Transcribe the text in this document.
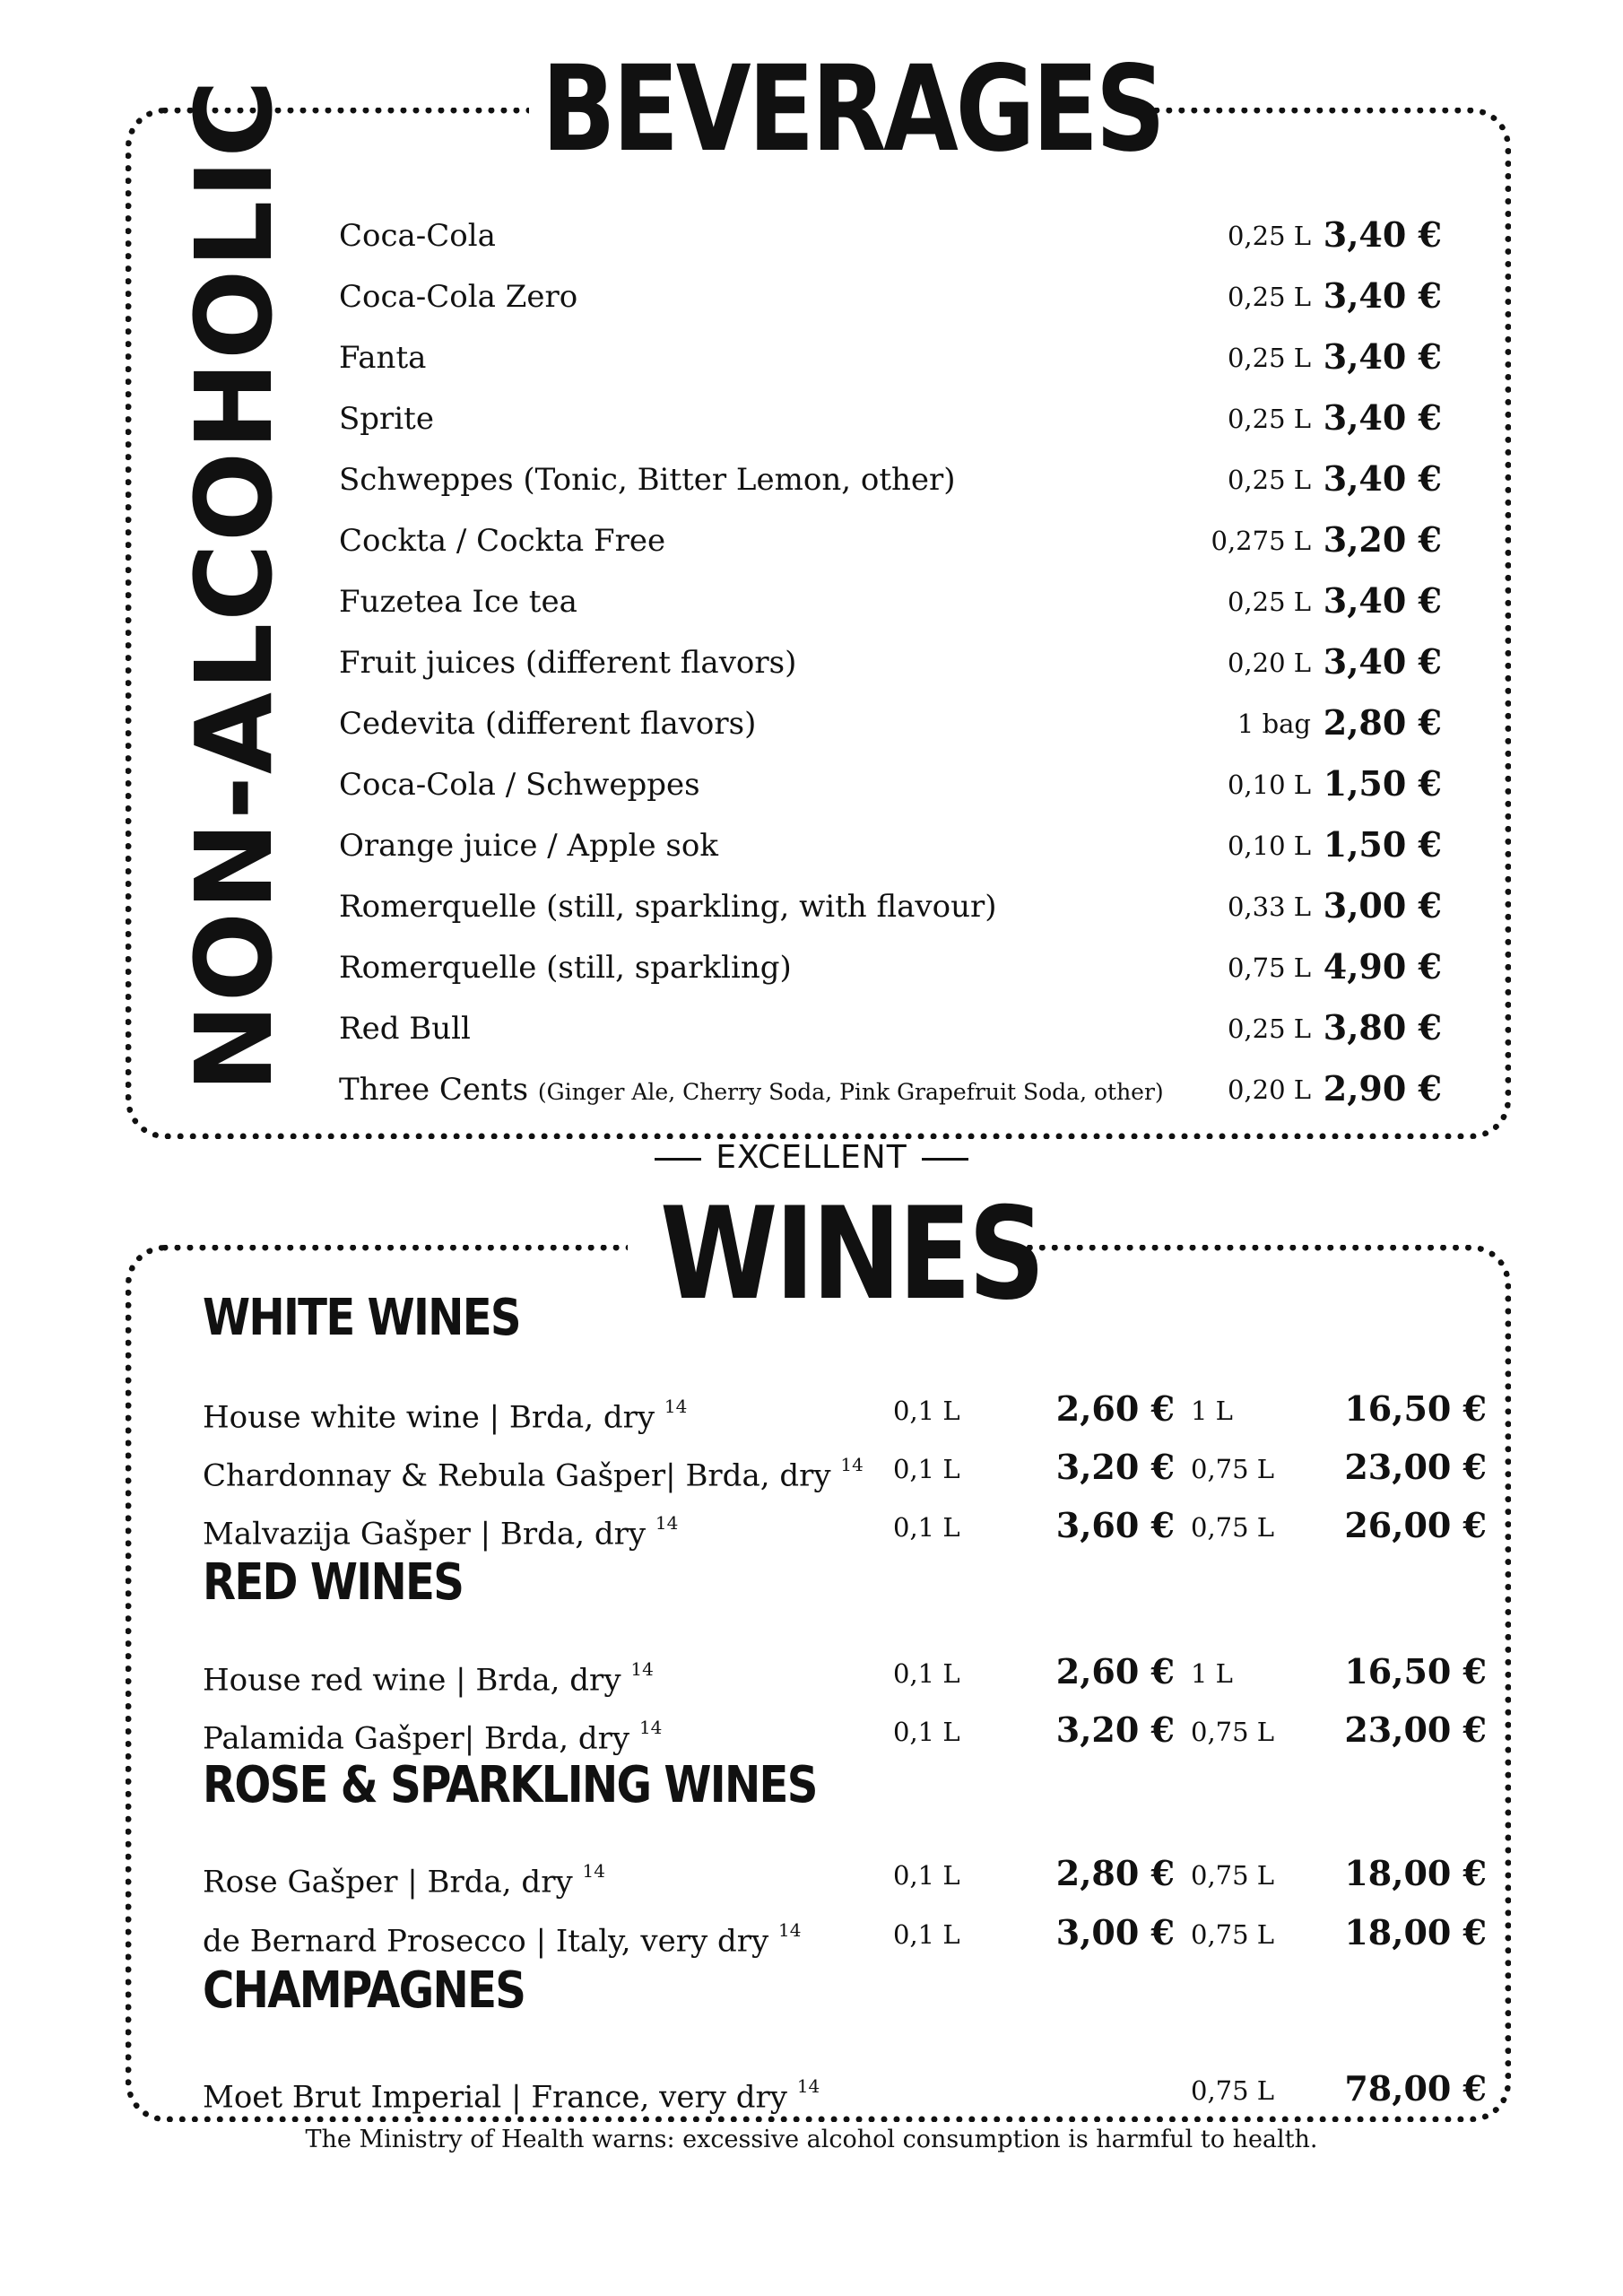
BEVERAGES
NON-ALCOHOLIC Coca-Cola	0,25 L 3,40 €
Coca-Cola Zero	0,25 L 3,40 €
Fanta	0,25 L 3,40 €
Sprite	0,25 L 3,40 €
Schweppes (Tonic, Bitter Lemon, other)	0,25 L 3,40 €
Cockta / Cockta Free	0,275 L 3,20 €
Fuzetea Ice tea	0,25 L 3,40 €
Fruit juices (different flavors)	0,20 L 3,40 €
Cedevita (different flavors)	1 bag 2,80 €
Coca-Cola / Schweppes	0,10 L 1,50 €
Orange juice / Apple sok	0,10 L 1,50 €
Romerquelle (still, sparkling, with flavour)	0,33 L 3,00 €
Romerquelle (still, sparkling)	0,75 L 4,90 €
Red Bull	0,25 L 3,80 €
Three Cents (Ginger Ale, Cherry Soda, Pink Grapefruit Soda, other) 0,20 L 2,90 €
EXCELLENT
WINES
WHITE WINES
House white wine | Brda, dry $^{14}$	0,1 L	2,60 € 1 L	16,50 €
Chardonnay & Rebula Gašper| Brda, dry $^{14}$ 0,1 L	3,20 € 0,75 L	23,00 €
Malvazija Gašper | Brda, dry $^{14}$	0,1 L	3,60 € 0,75 L	26,00 €
RED WINES
House red wine | Brda, dry $^{14}$	0,1 L	2,60 € 1 L	16,50 €
Palamida Gašper| Brda, dry $^{14}$	0,1 L	3,20 € 0,75 L	23,00 €
ROSE & SPARKLING WINES
Rose Gašper | Brda, dry $^{14}$	0,1 L	2,80 € 0,75 L	18,00 €
de Bernard Prosecco | Italy, very dry $^{14}$	0,1 L	3,00 € 0,75 L	18,00 €
CHAMPAGNES
Moet Brut Imperial | France, very dry $^{14}$	0,75 L	78,00 €
The Ministry of Health warns: excessive alcohol consumption is harmful to health.
